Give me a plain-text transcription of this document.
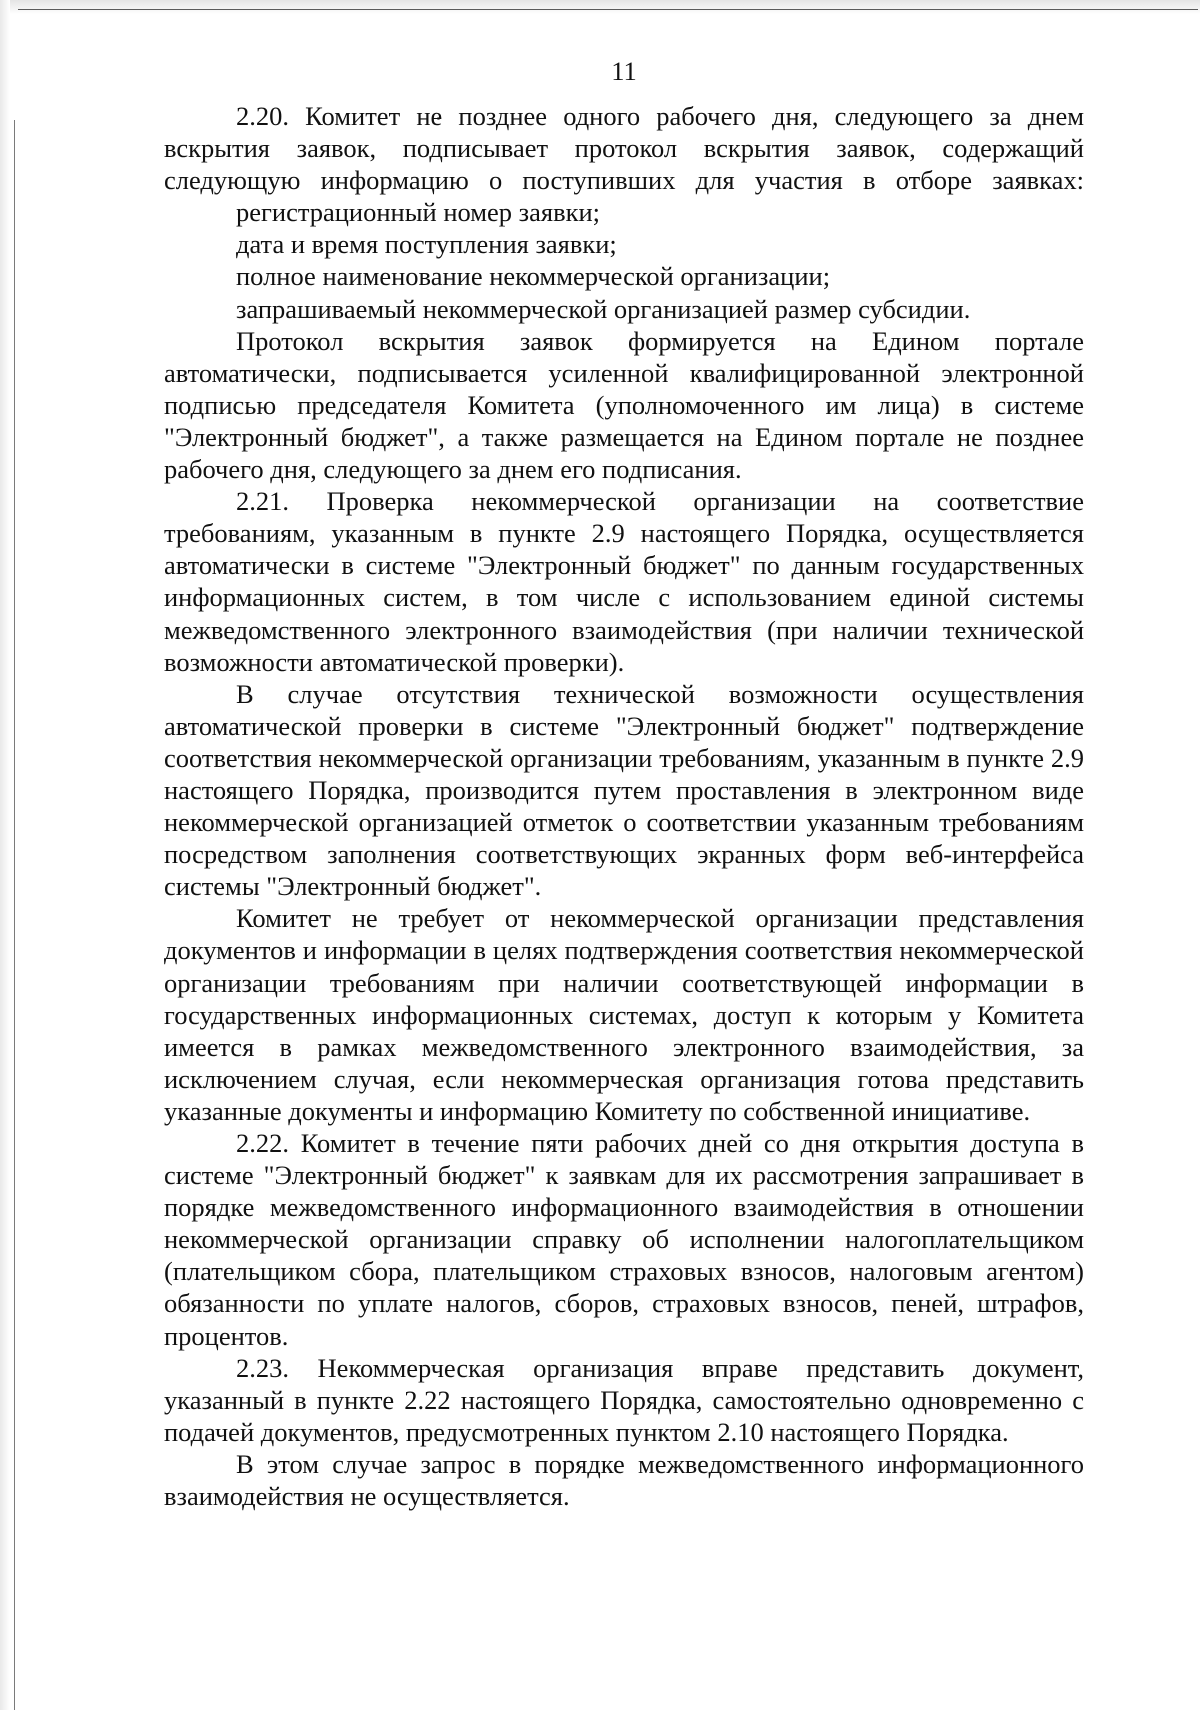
11

2.20. Комитет не позднее одного рабочего дня, следующего за днем вскрытия заявок, подписывает протокол вскрытия заявок, содержащий следующую информацию о поступивших для участия в отборе заявках:

регистрационный номер заявки;

дата и время поступления заявки;

полное наименование некоммерческой организации;

запрашиваемый некоммерческой организацией размер субсидии.

Протокол вскрытия заявок формируется на Едином портале автоматически, подписывается усиленной квалифицированной электронной подписью председателя Комитета (уполномоченного им лица) в системе "Электронный бюджет", а также размещается на Едином портале не позднее рабочего дня, следующего за днем его подписания.

2.21. Проверка некоммерческой организации на соответствие требованиям, указанным в пункте 2.9 настоящего Порядка, осуществляется автоматически в системе "Электронный бюджет" по данным государственных информационных систем, в том числе с использованием единой системы межведомственного электронного взаимодействия (при наличии технической возможности автоматической проверки).

В случае отсутствия технической возможности осуществления автоматической проверки в системе "Электронный бюджет" подтверждение соответствия некоммерческой организации требованиям, указанным в пункте 2.9 настоящего Порядка, производится путем проставления в электронном виде некоммерческой организацией отметок о соответствии указанным требованиям посредством заполнения соответствующих экранных форм веб-интерфейса системы "Электронный бюджет".

Комитет не требует от некоммерческой организации представления документов и информации в целях подтверждения соответствия некоммерческой организации требованиям при наличии соответствующей информации в государственных информационных системах, доступ к которым у Комитета имеется в рамках межведомственного электронного взаимодействия, за исключением случая, если некоммерческая организация готова представить указанные документы и информацию Комитету по собственной инициативе.

2.22. Комитет в течение пяти рабочих дней со дня открытия доступа в системе "Электронный бюджет" к заявкам для их рассмотрения запрашивает в порядке межведомственного информационного взаимодействия в отношении некоммерческой организации справку об исполнении налогоплательщиком (плательщиком сбора, плательщиком страховых взносов, налоговым агентом) обязанности по уплате налогов, сборов, страховых взносов, пеней, штрафов, процентов.

2.23. Некоммерческая организация вправе представить документ, указанный в пункте 2.22 настоящего Порядка, самостоятельно одновременно с подачей документов, предусмотренных пунктом 2.10 настоящего Порядка.

В этом случае запрос в порядке межведомственного информационного взаимодействия не осуществляется.
